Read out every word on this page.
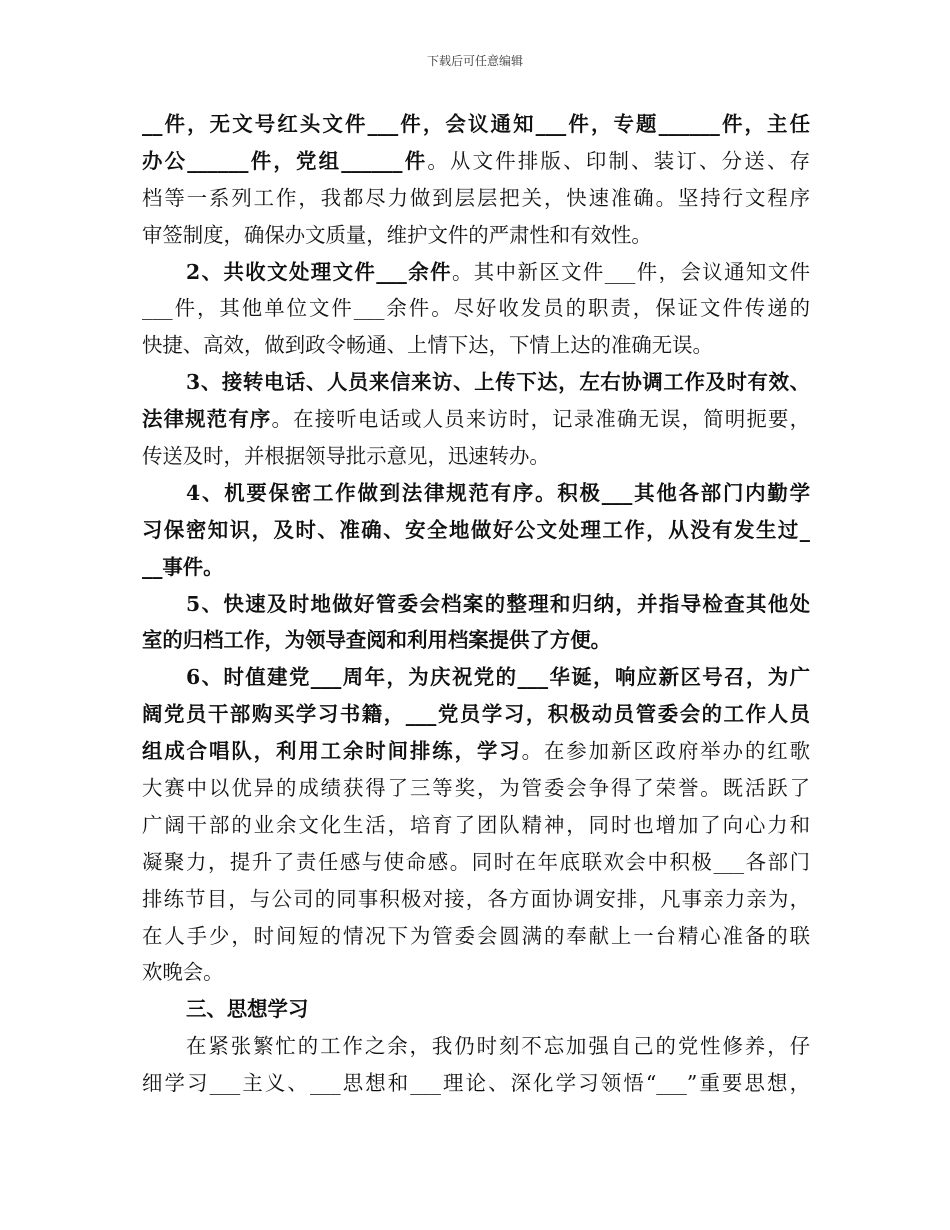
下载后可任意编辑
__件，无文号红头文件___件，会议通知___件，专题______件，主任
办公______件，党组______件。从文件排版、印制、装订、分送、存
档等一系列工作，我都尽力做到层层把关，快速准确。坚持行文程序
审签制度，确保办文质量，维护文件的严肃性和有效性。
2、共收文处理文件___余件。其中新区文件___件，会议通知文件
___件，其他单位文件___余件。尽好收发员的职责，保证文件传递的
快捷、高效，做到政令畅通、上情下达，下情上达的准确无误。
3、接转电话、人员来信来访、上传下达，左右协调工作及时有效、
法律规范有序。在接听电话或人员来访时，记录准确无误，简明扼要，
传送及时，并根据领导批示意见，迅速转办。
4、机要保密工作做到法律规范有序。积极___其他各部门内勤学
习保密知识，及时、准确、安全地做好公文处理工作，从没有发生过_
__事件。
5、快速及时地做好管委会档案的整理和归纳，并指导检查其他处
室的归档工作，为领导查阅和利用档案提供了方便。
6、时值建党___周年，为庆祝党的___华诞，响应新区号召，为广
阔党员干部购买学习书籍，___党员学习，积极动员管委会的工作人员
组成合唱队，利用工余时间排练，学习。在参加新区政府举办的红歌
大赛中以优异的成绩获得了三等奖，为管委会争得了荣誉。既活跃了
广阔干部的业余文化生活，培育了团队精神，同时也增加了向心力和
凝聚力，提升了责任感与使命感。同时在年底联欢会中积极___各部门
排练节目，与公司的同事积极对接，各方面协调安排，凡事亲力亲为，
在人手少，时间短的情况下为管委会圆满的奉献上一台精心准备的联
欢晚会。
三、思想学习
在紧张繁忙的工作之余，我仍时刻不忘加强自己的党性修养，仔
细学习___主义、___思想和___理论、深化学习领悟“___”重要思想，
